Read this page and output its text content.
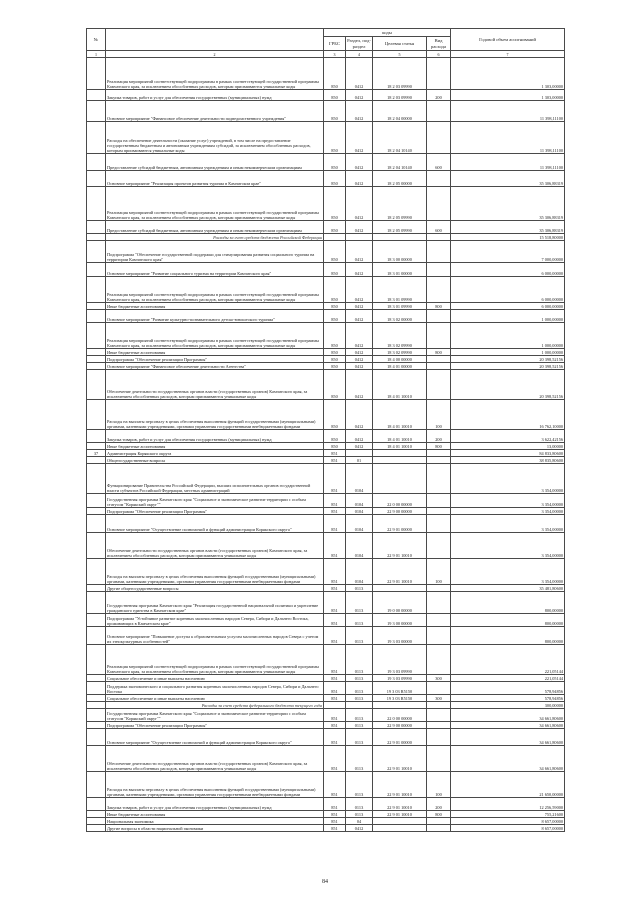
№		коды				Годовой объем ассигнований
		ГРБС	Раздел, под-раздел	Целевая статья	Вид расхода	
1	2	3	4	5	6	7
	Реализация мероприятий соответствующей подпрограммы в рамках соответствующей государственной программы Камчатского края, за исключением обособленных расходов, которым присваиваются уникальные коды	850	0412	18 2 03 09990		1 303,00000
	Закупка товаров, работ и услуг для обеспечения государственных (муниципальных) нужд	850	0412	18 2 03 09990	200	1 303,00000
	Основное мероприятие "Финансовое обеспечение деятельности подведомственного учреждения"	850	0412	18 2 04 00000		11 398,11100
	Расходы на обеспечение деятельности (оказание услуг) учреждений, в том числе на предоставление государственным бюджетным и автономным учреждениям субсидий, за исключением обособленных расходов, которым присваиваются уникальные коды	850	0412	18 2 04 10140		11 398,11100
	Предоставление субсидий бюджетным, автономным учреждениям и иным некоммерческим организациям	850	0412	18 2 04 10140	600	11 398,11100
	Основное мероприятие "Реализация проектов развития туризма в Камчатском крае"	850	0412	18 2 05 00000		35 306,88319
	Реализация мероприятий соответствующей подпрограммы в рамках соответствующей государственной программы Камчатского края, за исключением обособленных расходов, которым присваиваются уникальные коды	850	0412	18 2 05 09990		35 306,88319
	Предоставление субсидий бюджетным, автономным учреждениям и иным некоммерческим организациям	850	0412	18 2 05 09990	600	35 306,88319
	Расходы за счет средств бюджета Российской Федерации					15 518,80000
	Подпрограмма "Обеспечение государственной поддержки для стимулирования развития социального туризма на территории Камчатского края"	850	0412	18 3 00 00000		7 000,00000
	Основное мероприятие "Развитие социального туризма на территории Камчатского края"	850	0412	18 3 01 00000		6 000,00000
	Реализация мероприятий соответствующей подпрограммы в рамках соответствующей государственной программы Камчатского края, за исключением обособленных расходов, которым присваиваются уникальные коды	850	0412	18 3 01 09990		6 000,00000
	Иные бюджетные ассигнования	850	0412	18 3 01 09990	800	6 000,00000
	Основное мероприятие "Развитие культурно-познавательного детско-юношеского туризма"	850	0412	18 3 02 00000		1 000,00000
	Реализация мероприятий соответствующей подпрограммы в рамках соответствующей государственной программы Камчатского края, за исключением обособленных расходов, которым присваиваются уникальные коды	850	0412	18 3 02 09990		1 000,00000
	Иные бюджетные ассигнования	850	0412	18 3 02 09990	800	1 000,00000
	Подпрограмма "Обеспечение реализации Программы"	850	0412	18 4 00 00000		20 398,52156
	Основное мероприятие "Финансовое обеспечение деятельности Агентства"	850	0412	18 4 01 00000		20 398,52156
	Обеспечение деятельности государственных органов власти (государственных органов) Камчатского края, за исключением обособленных расходов, которым присваиваются уникальные коды	850	0412	18 4 01 10010		20 398,52156
	Расходы на выплаты персоналу в целях обеспечения выполнения функций государственными (муниципальными) органами, казенными учреждениями, органами управления государственными внебюджетными фондами	850	0412	18 4 01 10010	100	16 762,10000
	Закупка товаров, работ и услуг для обеспечения государственных (муниципальных) нужд	850	0412	18 4 01 10010	200	3 622,42156
	Иные бюджетные ассигнования	850	0412	18 4 01 10010	800	13,00000
37	Администрация Корякского округа	851				84 833,80600
	Общегосударственные вопросы	851	01			38 835,80600
	Функционирование Правительства Российской Федерации, высших исполнительных органов государственной власти субъектов Российской Федерации, местных администраций	851	0104			3 354,00000
	Государственная программа Камчатского края "Социальное и экономическое развитие территории с особым статусом "Корякский округ""	851	0104	22 0 00 00000		3 354,00000
	Подпрограмма "Обеспечение реализации Программы"	851	0104	22 9 00 00000		3 354,00000
	Основное мероприятие "Осуществление полномочий и функций администрации Корякского округа"	851	0104	22 9 01 00000		3 354,00000
	Обеспечение деятельности государственных органов власти (государственных органов) Камчатского края, за исключением обособленных расходов, которым присваиваются уникальные коды	851	0104	22 9 01 10010		3 354,00000
	Расходы на выплаты персоналу в целях обеспечения выполнения функций государственными (муниципальными) органами, казенными учреждениями, органами управления государственными внебюджетными фондами	851	0104	22 9 01 10010	100	3 354,00000
	Другие общегосударственные вопросы	851	0113			35 481,80600
	Государственная программа Камчатского края "Реализация государственной национальной политики и укрепление гражданского единства в Камчатском крае"	851	0113	19 0 00 00000		800,00000
	Подпрограмма "Устойчивое развитие коренных малочисленных народов Севера, Сибири и Дальнего Востока, проживающих в Камчатском крае"	851	0113	19 3 00 00000		800,00000
	Основное мероприятие "Повышение доступа к образовательным услугам малочисленных народов Севера с учетом их этнокультурных особенностей"	851	0113	19 3 03 00000		800,00000
	Реализация мероприятий соответствующей подпрограммы в рамках соответствующей государственной программы Камчатского края, за исключением обособленных расходов, которым присваиваются уникальные коды	851	0113	19 3 03 09990		221,05144
	Социальное обеспечение и иные выплаты населению	851	0113	19 3 03 09990	300	221,05144
	Поддержка экономического и социального развития коренных малочисленных народов Севера, Сибири и Дальнего Востока	851	0113	19 3 03 R5150		578,94856
	Социальное обеспечение и иные выплаты населению	851	0113	19 3 03 R5150	300	578,94856
	Расходы за счет средств федерального бюджета текущего года					300,00000
	Государственная программа Камчатского края "Социальное и экономическое развитие территории с особым статусом "Корякский округ""	851	0113	22 0 00 00000		34 661,80600
	Подпрограмма "Обеспечение реализации Программы"	851	0113	22 9 00 00000		34 661,80600
	Основное мероприятие "Осуществление полномочий и функций администрации Корякского округа"	851	0113	22 9 01 00000		34 661,80600
	Обеспечение деятельности государственных органов власти (государственных органов) Камчатского края, за исключением обособленных расходов, которым присваиваются уникальные коды	851	0113	22 9 01 10010		34 661,80600
	Расходы на выплаты персоналу в целях обеспечения выполнения функций государственными (муниципальными) органами, казенными учреждениями, органами управления государственными внебюджетными фондами	851	0113	22 9 01 10010	100	21 650,00000
	Закупка товаров, работ и услуг для обеспечения государственных (муниципальных) нужд	851	0113	22 9 01 10010	200	12 256,59000
	Иные бюджетные ассигнования	851	0113	22 9 01 10010	800	755,21600
	Национальная экономика	851	04			8 657,00000
	Другие вопросы в области национальной экономики	851	0412			8 657,00000
84
